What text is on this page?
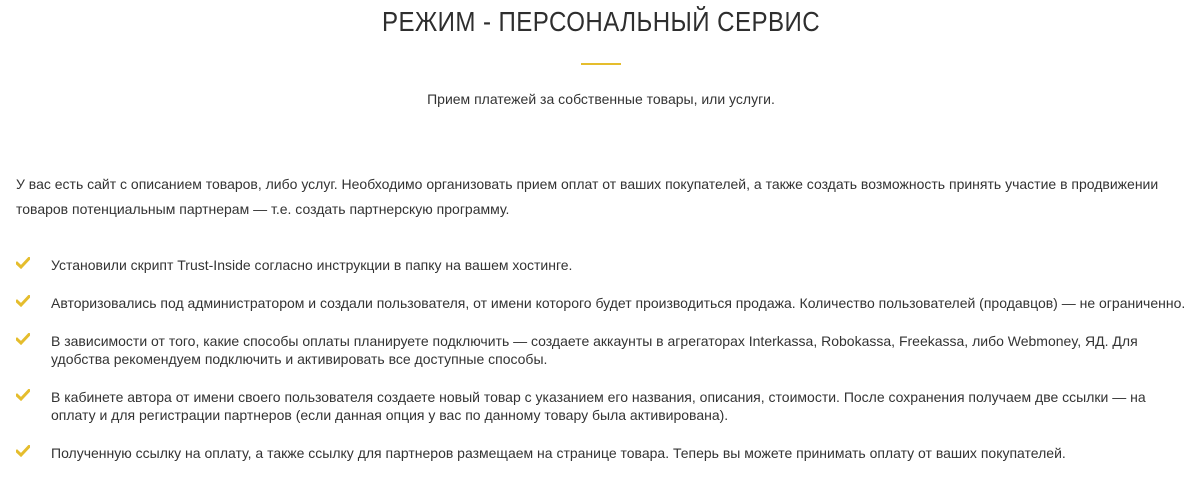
РЕЖИМ - ПЕРСОНАЛЬНЫЙ СЕРВИС

Прием платежей за собственные товары, или услуги.

У вас есть сайт с описанием товаров, либо услуг. Необходимо организовать прием оплат от ваших покупателей, а также создать возможность принять участие в продвижении товаров потенциальным партнерам — т.е. создать партнерскую программу.

Установили скрипт Trust-Inside согласно инструкции в папку на вашем хостинге.
Авторизовались под администратором и создали пользователя, от имени которого будет производиться продажа. Количество пользователей (продавцов) — не ограниченно.
В зависимости от того, какие способы оплаты планируете подключить — создаете аккаунты в агрегаторах Interkassa, Robokassa, Freekassa, либо Webmoney, ЯД. Для удобства рекомендуем подключить и активировать все доступные способы.
В кабинете автора от имени своего пользователя создаете новый товар с указанием его названия, описания, стоимости. После сохранения получаем две ссылки — на оплату и для регистрации партнеров (если данная опция у вас по данному товару была активирована).
Полученную ссылку на оплату, а также ссылку для партнеров размещаем на странице товара. Теперь вы можете принимать оплату от ваших покупателей.
